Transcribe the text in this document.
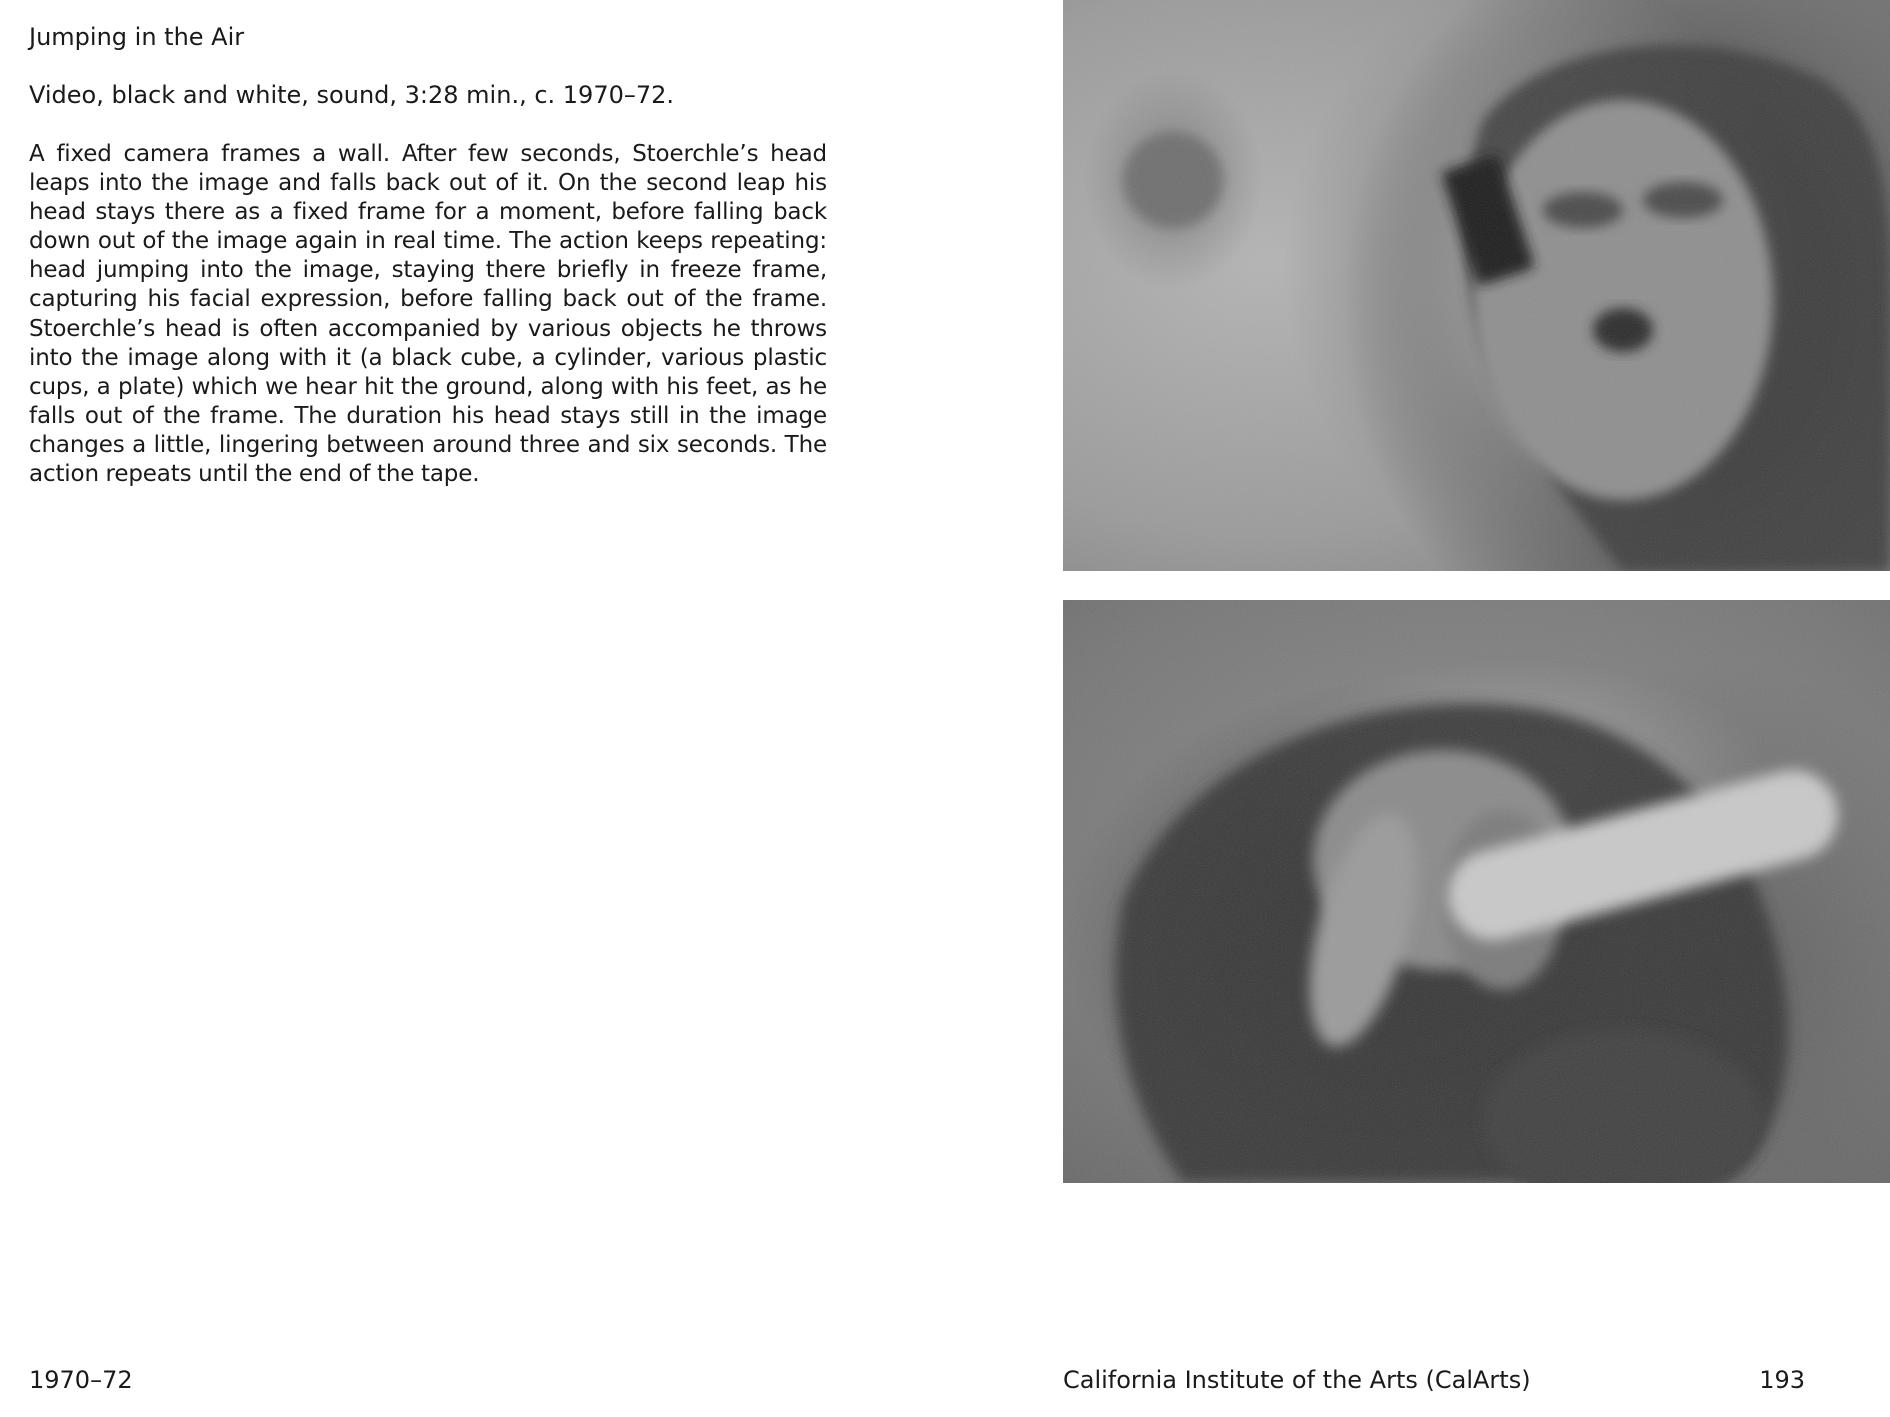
Jumping in the Air

Video, black and white, sound, 3:28 min., c. 1970–72.

A fixed camera frames a wall. After few seconds, Stoerchle’s head leaps into the image and falls back out of it. On the second leap his head stays there as a fixed frame for a moment, before falling back down out of the image again in real time. The action keeps repeating: head jumping into the image, staying there briefly in freeze frame, capturing his facial expression, before falling back out of the frame. Stoerchle’s head is often accompanied by various objects he throws into the image along with it (a black cube, a cylinder, various plastic cups, a plate) which we hear hit the ground, along with his feet, as he falls out of the frame. The duration his head stays still in the image changes a little, lingering between around three and six seconds. The action repeats until the end of the tape.

1970–72	California Institute of the Arts (CalArts)	193
